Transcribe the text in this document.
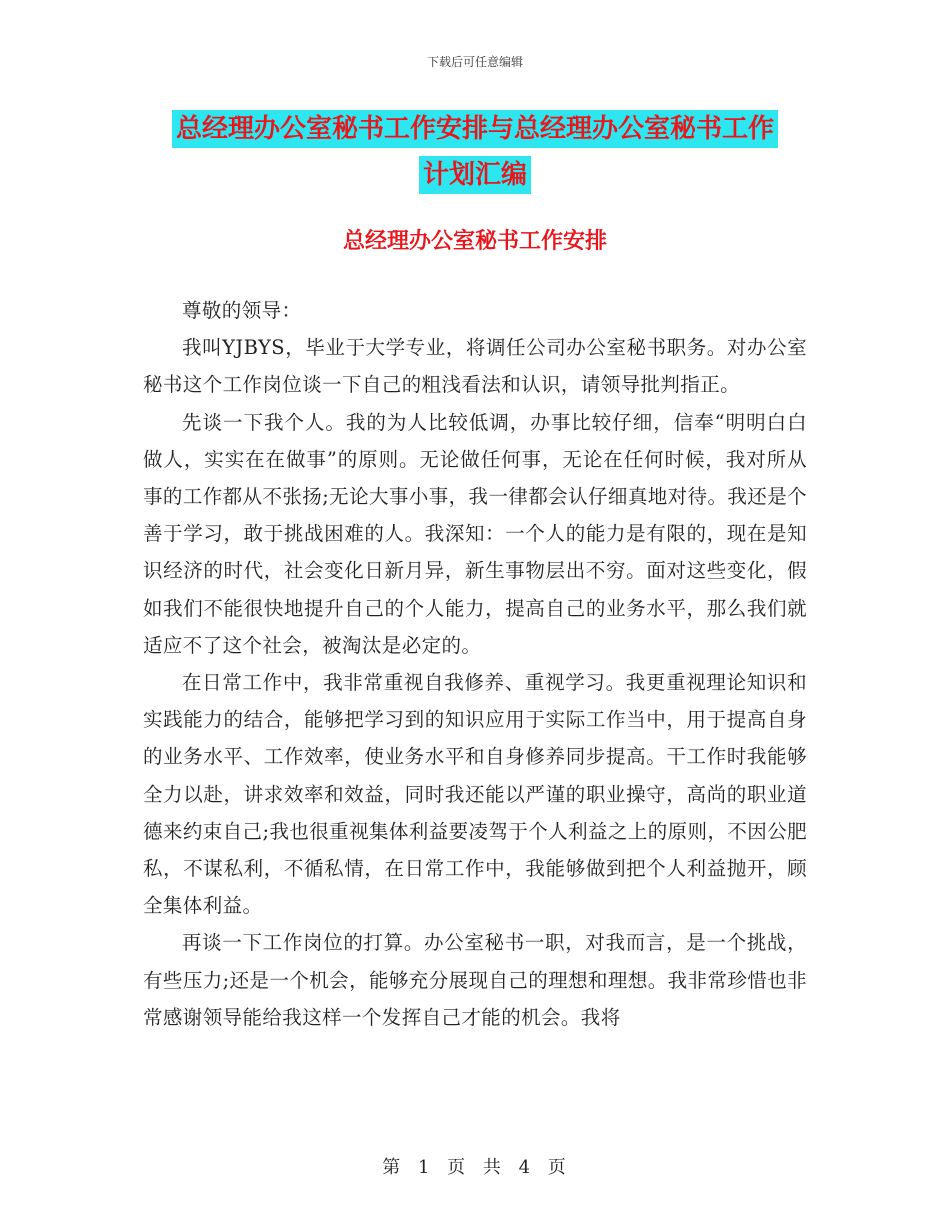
下载后可任意编辑
总经理办公室秘书工作安排与总经理办公室秘书工作
计划汇编
总经理办公室秘书工作安排

尊敬的领导：

我叫YJBYS，毕业于大学专业，将调任公司办公室秘书职务。对办公室秘书这个工作岗位谈一下自己的粗浅看法和认识，请领导批判指正。

先谈一下我个人。我的为人比较低调，办事比较仔细，信奉“明明白白做人，实实在在做事”的原则。无论做任何事，无论在任何时候，我对所从事的工作都从不张扬;无论大事小事，我一律都会认仔细真地对待。我还是个善于学习，敢于挑战困难的人。我深知：一个人的能力是有限的，现在是知识经济的时代，社会变化日新月异，新生事物层出不穷。面对这些变化，假如我们不能很快地提升自己的个人能力，提高自己的业务水平，那么我们就适应不了这个社会，被淘汰是必定的。

在日常工作中，我非常重视自我修养、重视学习。我更重视理论知识和实践能力的结合，能够把学习到的知识应用于实际工作当中，用于提高自身的业务水平、工作效率，使业务水平和自身修养同步提高。干工作时我能够全力以赴，讲求效率和效益，同时我还能以严谨的职业操守，高尚的职业道德来约束自己;我也很重视集体利益要凌驾于个人利益之上的原则，不因公肥私，不谋私利，不循私情，在日常工作中，我能够做到把个人利益抛开，顾全集体利益。

再谈一下工作岗位的打算。办公室秘书一职，对我而言，是一个挑战，有些压力;还是一个机会，能够充分展现自己的理想和理想。我非常珍惜也非常感谢领导能给我这样一个发挥自己才能的机会。我将

第 1 页 共 4 页
